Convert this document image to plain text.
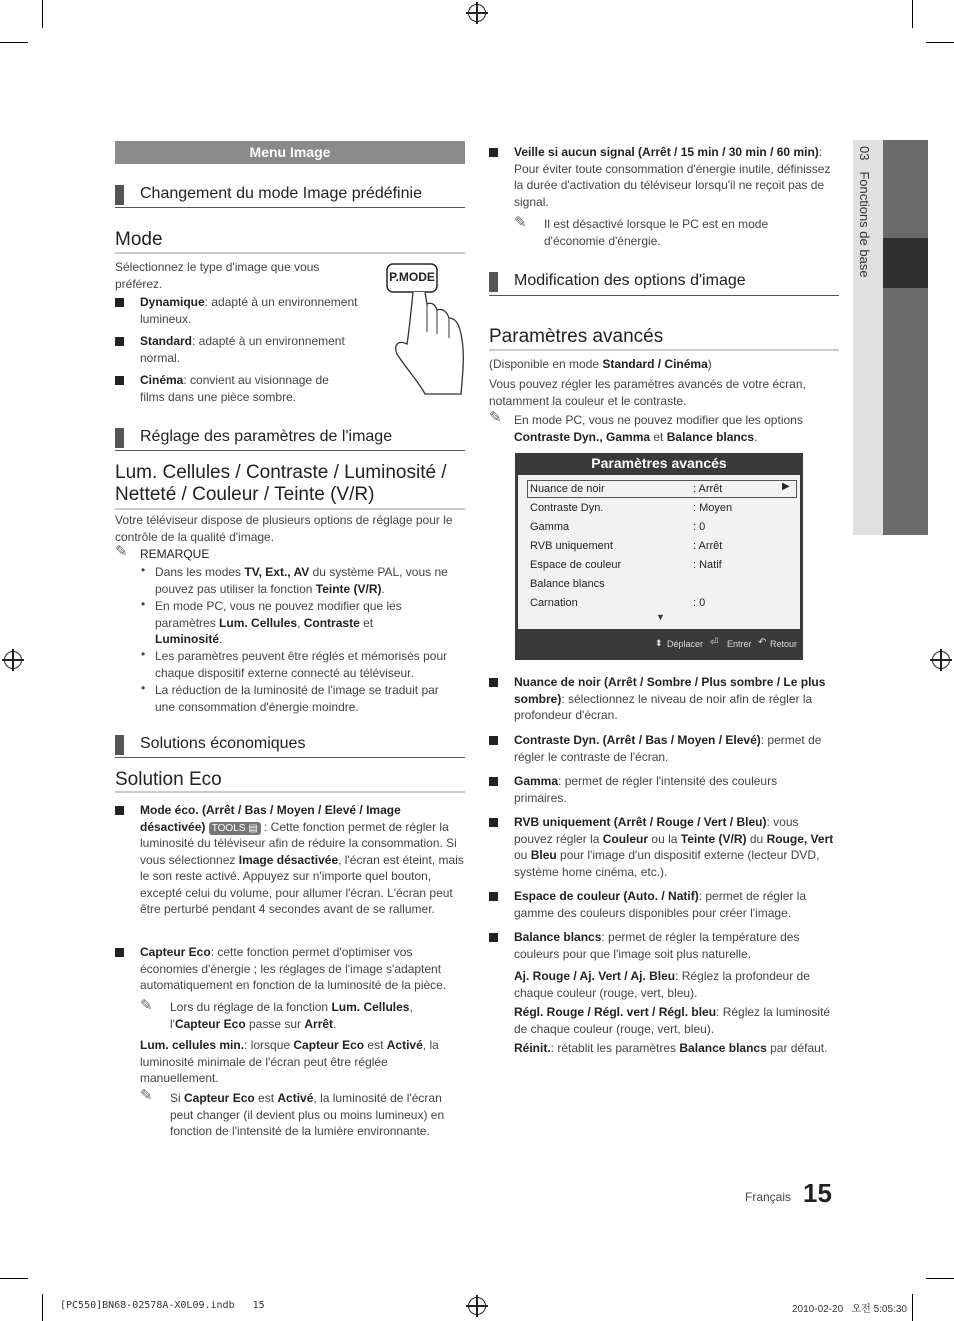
Menu Image
Changement du mode Image prédéfinie
Mode
Sélectionnez le type d'image que vous préférez.
Dynamique: adapté à un environnement lumineux.
Standard: adapté à un environnement normal.
Cinéma: convient au visionnage de films dans une pièce sombre.
P.MODE
Réglage des paramètres de l'image
Lum. Cellules / Contraste / Luminosité / Netteté / Couleur / Teinte (V/R)
Votre téléviseur dispose de plusieurs options de réglage pour le contrôle de la qualité d'image.
✎ REMARQUE
• Dans les modes TV, Ext., AV du système PAL, vous ne pouvez pas utiliser la fonction Teinte (V/R).
• En mode PC, vous ne pouvez modifier que les paramètres Lum. Cellules, Contraste et Luminosité.
• Les paramètres peuvent être réglés et mémorisés pour chaque dispositif externe connecté au téléviseur.
• La réduction de la luminosité de l'image se traduit par une consommation d'énergie moindre.
Solutions économiques
Solution Eco
Mode éco. (Arrêt / Bas / Moyen / Elevé / Image désactivée) TOOLS ▤ : Cette fonction permet de régler la luminosité du téléviseur afin de réduire la consommation. Si vous sélectionnez Image désactivée, l'écran est éteint, mais le son reste activé. Appuyez sur n'importe quel bouton, excepté celui du volume, pour allumer l'écran. L'écran peut être perturbé pendant 4 secondes avant de se rallumer.
Capteur Eco: cette fonction permet d'optimiser vos économies d'énergie ; les réglages de l'image s'adaptent automatiquement en fonction de la luminosité de la pièce.
✎ Lors du réglage de la fonction Lum. Cellules, l'Capteur Eco passe sur Arrêt.
Lum. cellules min.: lorsque Capteur Eco est Activé, la luminosité minimale de l'écran peut être réglée manuellement.
✎ Si Capteur Eco est Activé, la luminosité de l'écran peut changer (il devient plus ou moins lumineux) en fonction de l'intensité de la lumière environnante.
Veille si aucun signal (Arrêt / 15 min / 30 min / 60 min): Pour éviter toute consommation d'énergie inutile, définissez la durée d'activation du téléviseur lorsqu'il ne reçoit pas de signal.
✎ Il est désactivé lorsque le PC est en mode d'économie d'énergie.
Modification des options d'image
Paramètres avancés
(Disponible en mode Standard / Cinéma)
Vous pouvez régler les paramètres avancés de votre écran, notamment la couleur et le contraste.
✎ En mode PC, vous ne pouvez modifier que les options Contraste Dyn., Gamma et Balance blancs.
Paramètres avancés
▶
Nuance de noir	: Arrêt
Contraste Dyn.	: Moyen
Gamma	: 0
RVB uniquement	: Arrêt
Espace de couleur	: Natif
Balance blancs
Carnation	: 0
▼
⬍ Déplacer ⏎ Entrer ↶ Retour
Nuance de noir (Arrêt / Sombre / Plus sombre / Le plus sombre): sélectionnez le niveau de noir afin de régler la profondeur d'écran.
Contraste Dyn. (Arrêt / Bas / Moyen / Elevé): permet de régler le contraste de l'écran.
Gamma: permet de régler l'intensité des couleurs primaires.
RVB uniquement (Arrêt / Rouge / Vert / Bleu): vous pouvez régler la Couleur ou la Teinte (V/R) du Rouge, Vert ou Bleu pour l'image d'un dispositif externe (lecteur DVD, système home cinéma, etc.).
Espace de couleur (Auto. / Natif): permet de régler la gamme des couleurs disponibles pour créer l'image.
Balance blancs: permet de régler la température des couleurs pour que l'image soit plus naturelle.
Aj. Rouge / Aj. Vert / Aj. Bleu: Réglez la profondeur de chaque couleur (rouge, vert, bleu).
Régl. Rouge / Régl. vert / Régl. bleu: Réglez la luminosité de chaque couleur (rouge, vert, bleu).
Réinit.: rétablit les paramètres Balance blancs par défaut.
03   Fonctions de base
Français 15
[PC550]BN68-02578A-X0L09.indb   15	2010-02-20   오전 5:05:30
